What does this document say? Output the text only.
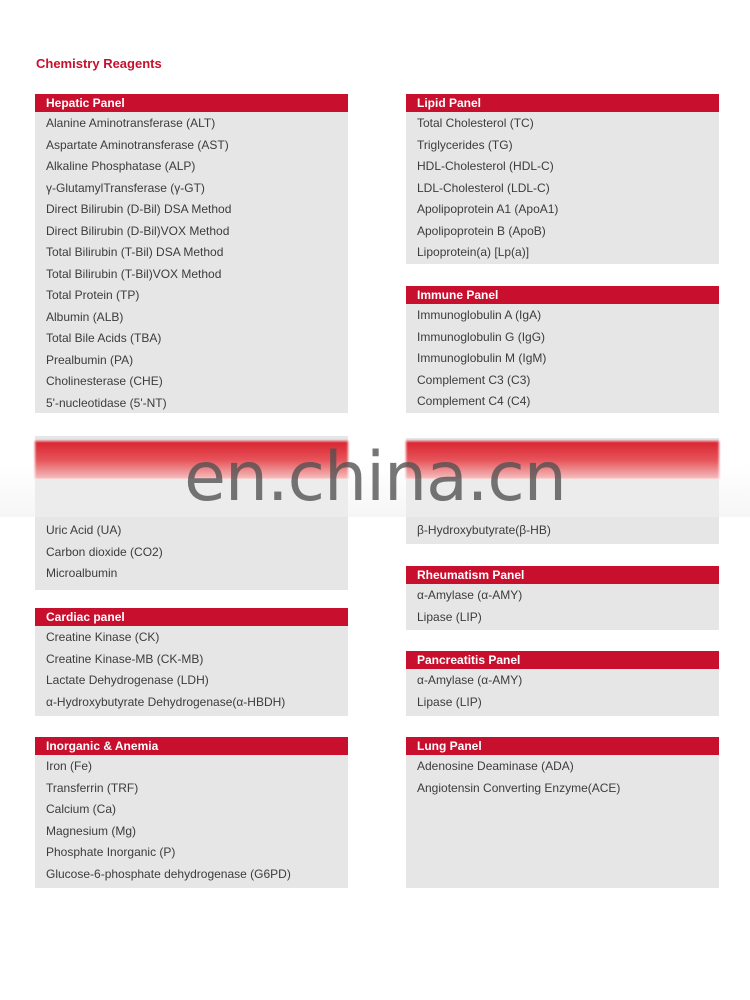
Chemistry Reagents
Hepatic Panel
Alanine Aminotransferase (ALT)
Aspartate Aminotransferase (AST)
Alkaline Phosphatase (ALP)
γ-GlutamylTransferase (γ-GT)
Direct Bilirubin (D-Bil) DSA Method
Direct Bilirubin (D-Bil)VOX Method
Total Bilirubin (T-Bil) DSA Method
Total Bilirubin (T-Bil)VOX Method
Total Protein (TP)
Albumin (ALB)
Total Bile Acids (TBA)
Prealbumin (PA)
Cholinesterase (CHE)
5'-nucleotidase (5'-NT)
Lipid Panel
Total Cholesterol (TC)
Triglycerides (TG)
HDL-Cholesterol (HDL-C)
LDL-Cholesterol (LDL-C)
Apolipoprotein A1 (ApoA1)
Apolipoprotein B (ApoB)
Lipoprotein(a) [Lp(a)]
Immune Panel
Immunoglobulin A (IgA)
Immunoglobulin G (IgG)
Immunoglobulin M (IgM)
Complement C3 (C3)
Complement C4 (C4)
Uric Acid (UA)
Carbon dioxide (CO2)
Microalbumin
β-Hydroxybutyrate(β-HB)
en.china.cn
Cardiac panel
Creatine Kinase (CK)
Creatine Kinase-MB (CK-MB)
Lactate Dehydrogenase (LDH)
α-Hydroxybutyrate Dehydrogenase(α-HBDH)
Rheumatism Panel
α-Amylase (α-AMY)
Lipase (LIP)
Pancreatitis Panel
α-Amylase (α-AMY)
Lipase (LIP)
Inorganic & Anemia
Iron (Fe)
Transferrin (TRF)
Calcium (Ca)
Magnesium (Mg)
Phosphate Inorganic (P)
Glucose-6-phosphate dehydrogenase (G6PD)
Lung Panel
Adenosine Deaminase (ADA)
Angiotensin Converting Enzyme(ACE)
